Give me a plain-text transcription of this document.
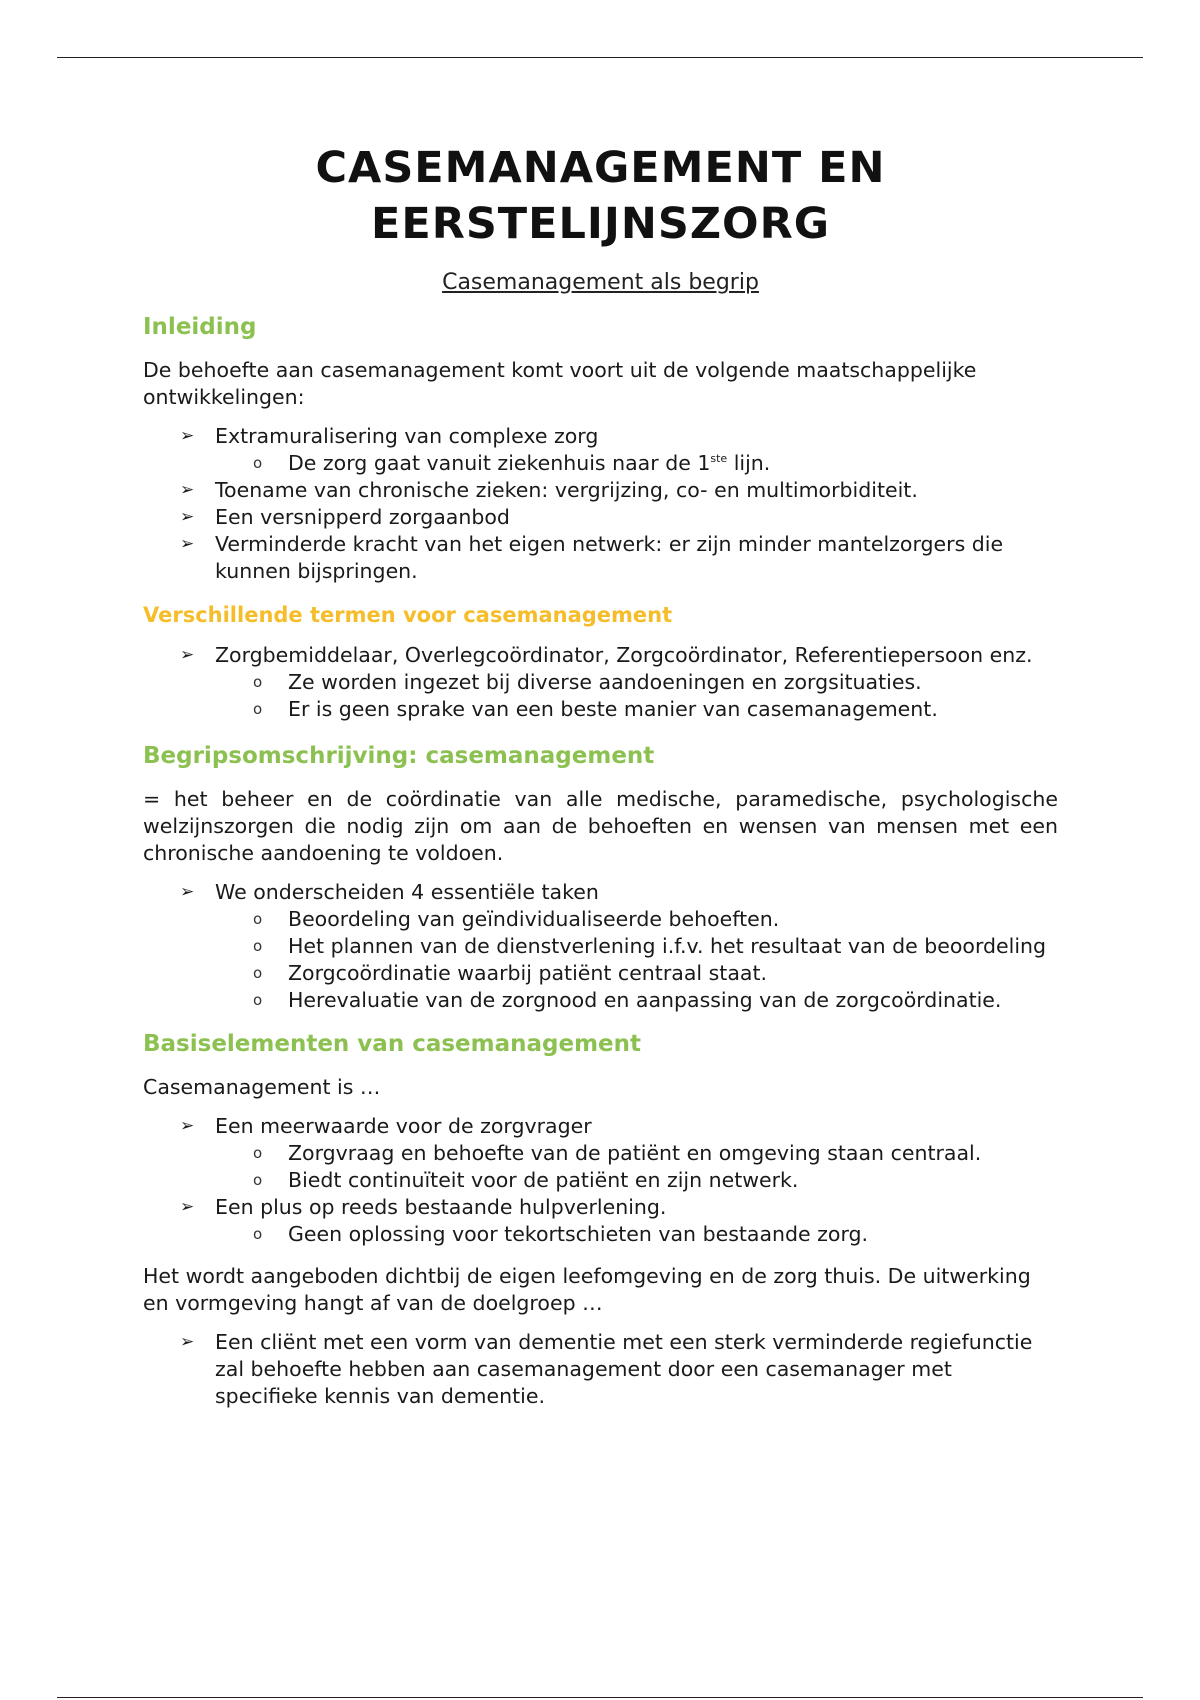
CASEMANAGEMENT EN
EERSTELIJNSZORG
Casemanagement als begrip
Inleiding

De behoefte aan casemanagement komt voort uit de volgende maatschappelijke ontwikkelingen:

➢ Extramuralisering van complexe zorg
o De zorg gaat vanuit ziekenhuis naar de 1ste lijn.
➢ Toename van chronische zieken: vergrijzing, co- en multimorbiditeit.
➢ Een versnipperd zorgaanbod
➢ Verminderde kracht van het eigen netwerk: er zijn minder mantelzorgers die kunnen bijspringen.
Verschillende termen voor casemanagement
➢ Zorgbemiddelaar, Overlegcoördinator, Zorgcoördinator, Referentiepersoon enz.
o Ze worden ingezet bij diverse aandoeningen en zorgsituaties.
o Er is geen sprake van een beste manier van casemanagement.
Begripsomschrijving: casemanagement

= het beheer en de coördinatie van alle medische, paramedische, psychologische welzijnszorgen die nodig zijn om aan de behoeften en wensen van mensen met een chronische aandoening te voldoen.

➢ We onderscheiden 4 essentiële taken
o Beoordeling van geïndividualiseerde behoeften.
o Het plannen van de dienstverlening i.f.v. het resultaat van de beoordeling
o Zorgcoördinatie waarbij patiënt centraal staat.
o Herevaluatie van de zorgnood en aanpassing van de zorgcoördinatie.
Basiselementen van casemanagement

Casemanagement is …

➢ Een meerwaarde voor de zorgvrager
o Zorgvraag en behoefte van de patiënt en omgeving staan centraal.
o Biedt continuïteit voor de patiënt en zijn netwerk.
➢ Een plus op reeds bestaande hulpverlening.
o Geen oplossing voor tekortschieten van bestaande zorg.

Het wordt aangeboden dichtbij de eigen leefomgeving en de zorg thuis. De uitwerking en vormgeving hangt af van de doelgroep …

➢ Een cliënt met een vorm van dementie met een sterk verminderde regiefunctie zal behoefte hebben aan casemanagement door een casemanager met specifieke kennis van dementie.
